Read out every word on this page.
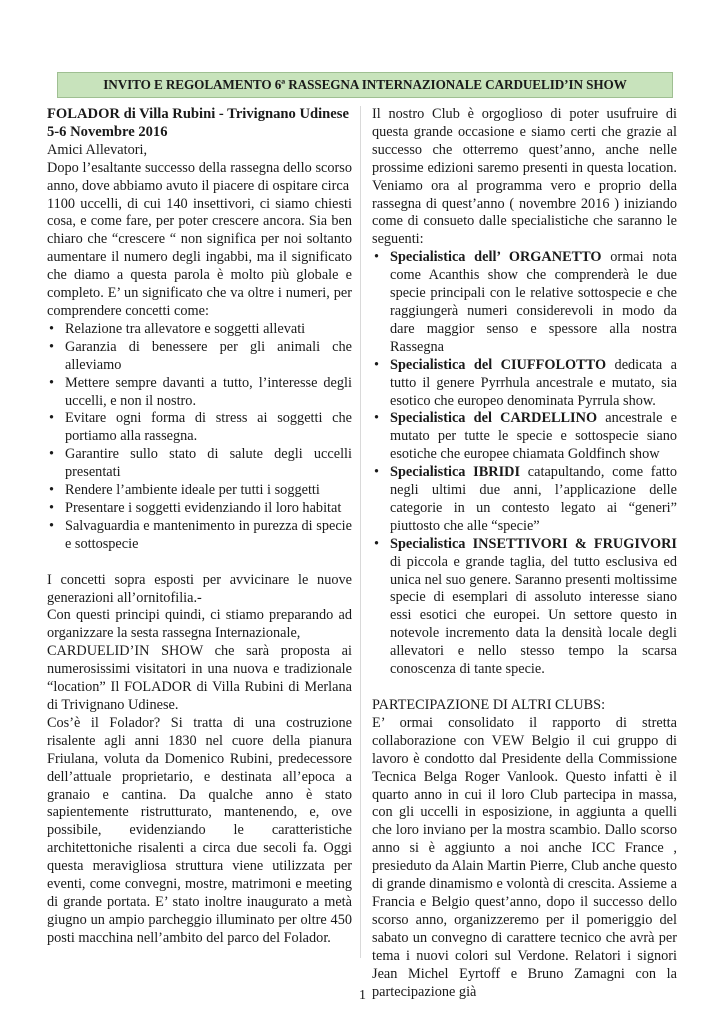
INVITO E REGOLAMENTO 6ª RASSEGNA INTERNAZIONALE CARDUELID’IN SHOW

FOLADOR di Villa Rubini - Trivignano Udinese

5-6 Novembre 2016

Amici Allevatori,

Dopo l’esaltante successo della rassegna dello scorso anno, dove abbiamo avuto il piacere di ospitare circa

1100 uccelli, di cui 140 insettivori, ci siamo chiesti cosa, e come fare, per poter crescere ancora. Sia ben chiaro che “crescere “ non significa per noi soltanto aumentare il numero degli ingabbi, ma il significato che diamo a questa parola è molto più globale e completo. E’ un significato che va oltre i numeri, per comprendere concetti come:

• Relazione tra allevatore e soggetti allevati
• Garanzia di benessere per gli animali che alleviamo
• Mettere sempre davanti a tutto, l’interesse degli uccelli, e non il nostro.
• Evitare ogni forma di stress ai soggetti che portiamo alla rassegna.
• Garantire sullo stato di salute degli uccelli presentati
• Rendere l’ambiente ideale per tutti i soggetti
• Presentare i soggetti evidenziando il loro habitat
• Salvaguardia e mantenimento in purezza di specie e sottospecie

I concetti sopra esposti per avvicinare le nuove generazioni all’ornitofilia.-

Con questi principi quindi, ci stiamo preparando ad organizzare la sesta rassegna Internazionale,

CARDUELID’IN SHOW che sarà proposta ai numerosissimi visitatori in una nuova e tradizionale “location” Il FOLADOR di Villa Rubini di Merlana di Trivignano Udinese.

Cos’è il Folador? Si tratta di una costruzione risalente agli anni 1830 nel cuore della pianura Friulana, voluta da Domenico Rubini, predecessore dell’attuale proprietario, e destinata all’epoca a granaio e cantina. Da qualche anno è stato sapientemente ristrutturato, mantenendo, e, ove possibile, evidenziando le caratteristiche architettoniche risalenti a circa due secoli fa. Oggi questa meravigliosa struttura viene utilizzata per eventi, come convegni, mostre, matrimoni e meeting di grande portata. E’ stato inoltre inaugurato a metà giugno un ampio parcheggio illuminato per oltre 450 posti macchina nell’ambito del parco del Folador.

Il nostro Club è orgoglioso di poter usufruire di questa grande occasione e siamo certi che grazie al successo che otterremo quest’anno, anche nelle prossime edizioni saremo presenti in questa location. Veniamo ora al programma vero e proprio della rassegna di quest’anno ( novembre 2016 ) iniziando come di consueto dalle specialistiche che saranno le seguenti:

• Specialistica dell’ ORGANETTO ormai nota come Acanthis show che comprenderà le due specie principali con le relative sottospecie e che raggiungerà numeri considerevoli in modo da dare maggior senso e spessore alla nostra Rassegna
• Specialistica del CIUFFOLOTTO dedicata a tutto il genere Pyrrhula ancestrale e mutato, sia esotico che europeo denominata Pyrrula show.
• Specialistica del CARDELLINO ancestrale e mutato per tutte le specie e sottospecie siano esotiche che europee chiamata Goldfinch show
• Specialistica IBRIDI catapultando, come fatto negli ultimi due anni, l’applicazione delle categorie in un contesto legato ai “generi” piuttosto che alle “specie”
• Specialistica INSETTIVORI & FRUGIVORI di piccola e grande taglia, del tutto esclusiva ed unica nel suo genere. Saranno presenti moltissime specie di esemplari di assoluto interesse siano essi esotici che europei. Un settore questo in notevole incremento data la densità locale degli allevatori e nello stesso tempo la scarsa conoscenza di tante specie.

PARTECIPAZIONE DI ALTRI CLUBS:

E’ ormai consolidato il rapporto di stretta collaborazione con VEW Belgio il cui gruppo di lavoro è condotto dal Presidente della Commissione Tecnica Belga Roger Vanlook. Questo infatti è il quarto anno in cui il loro Club partecipa in massa, con gli uccelli in esposizione, in aggiunta a quelli che loro inviano per la mostra scambio. Dallo scorso anno si è aggiunto a noi anche ICC France , presieduto da Alain Martin Pierre, Club anche questo di grande dinamismo e volontà di crescita. Assieme a Francia e Belgio quest’anno, dopo il successo dello scorso anno, organizzeremo per il pomeriggio del sabato un convegno di carattere tecnico che avrà per tema i nuovi colori sul Verdone. Relatori i signori Jean Michel Eyrtoff e Bruno Zamagni con la partecipazione già

1
